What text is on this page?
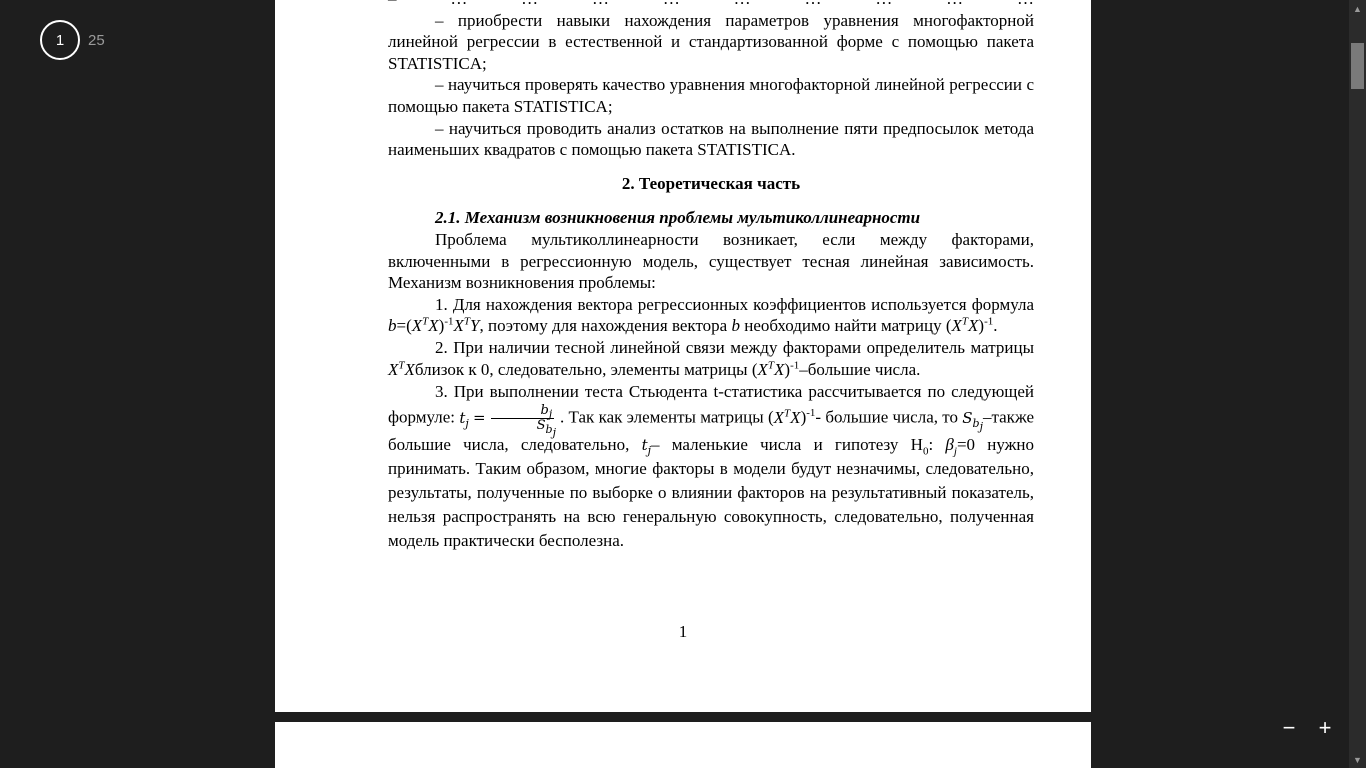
1	25

– приобрести навыки нахождения параметров уравнения многофакторной линейной регрессии в естественной и стандартизованной форме с помощью пакета STATISTICA;

– научиться проверять качество уравнения многофакторной линейной регрессии с помощью пакета STATISTICA;

– научиться проводить анализ остатков на выполнение пяти предпосылок метода наименьших квадратов с помощью пакета STATISTICA.

2. Теоретическая часть

2.1. Механизм возникновения проблемы мультиколлинеарности

Проблема мультиколлинеарности возникает, если между факторами, включенными в регрессионную модель, существует тесная линейная зависимость. Механизм возникновения проблемы:

1. Для нахождения вектора регрессионных коэффициентов используется формула $b=(X^TX)^{-1}X^TY$, поэтому для нахождения вектора b необходимо найти матрицу $(X^TX)^{-1}$.

2. При наличии тесной линейной связи между факторами определитель матрицы $X^TXблизок$ к 0, следовательно, элементы матрицы $(X^TX)^{-1}$–большие числа.

3. При выполнении теста Стьюдента t-статистика рассчитывается по следующей формуле: $t_j = \frac{b_j}{S_{b_j}}$ . Так как элементы матрицы $(X^TX)^{-1}-$ большие числа, то $S_{b_j}$–также большие числа, следовательно, $t_j-$ маленькие числа и гипотезу $H_0$: $\beta_j=0$ нужно принимать. Таким образом, многие факторы в модели будут незначимы, следовательно, результаты, полученные по выборке о влиянии факторов на результативный показатель, нельзя распространять на всю генеральную совокупность, следовательно, полученная модель практически бесполезна.

1
▲
▼
− +
